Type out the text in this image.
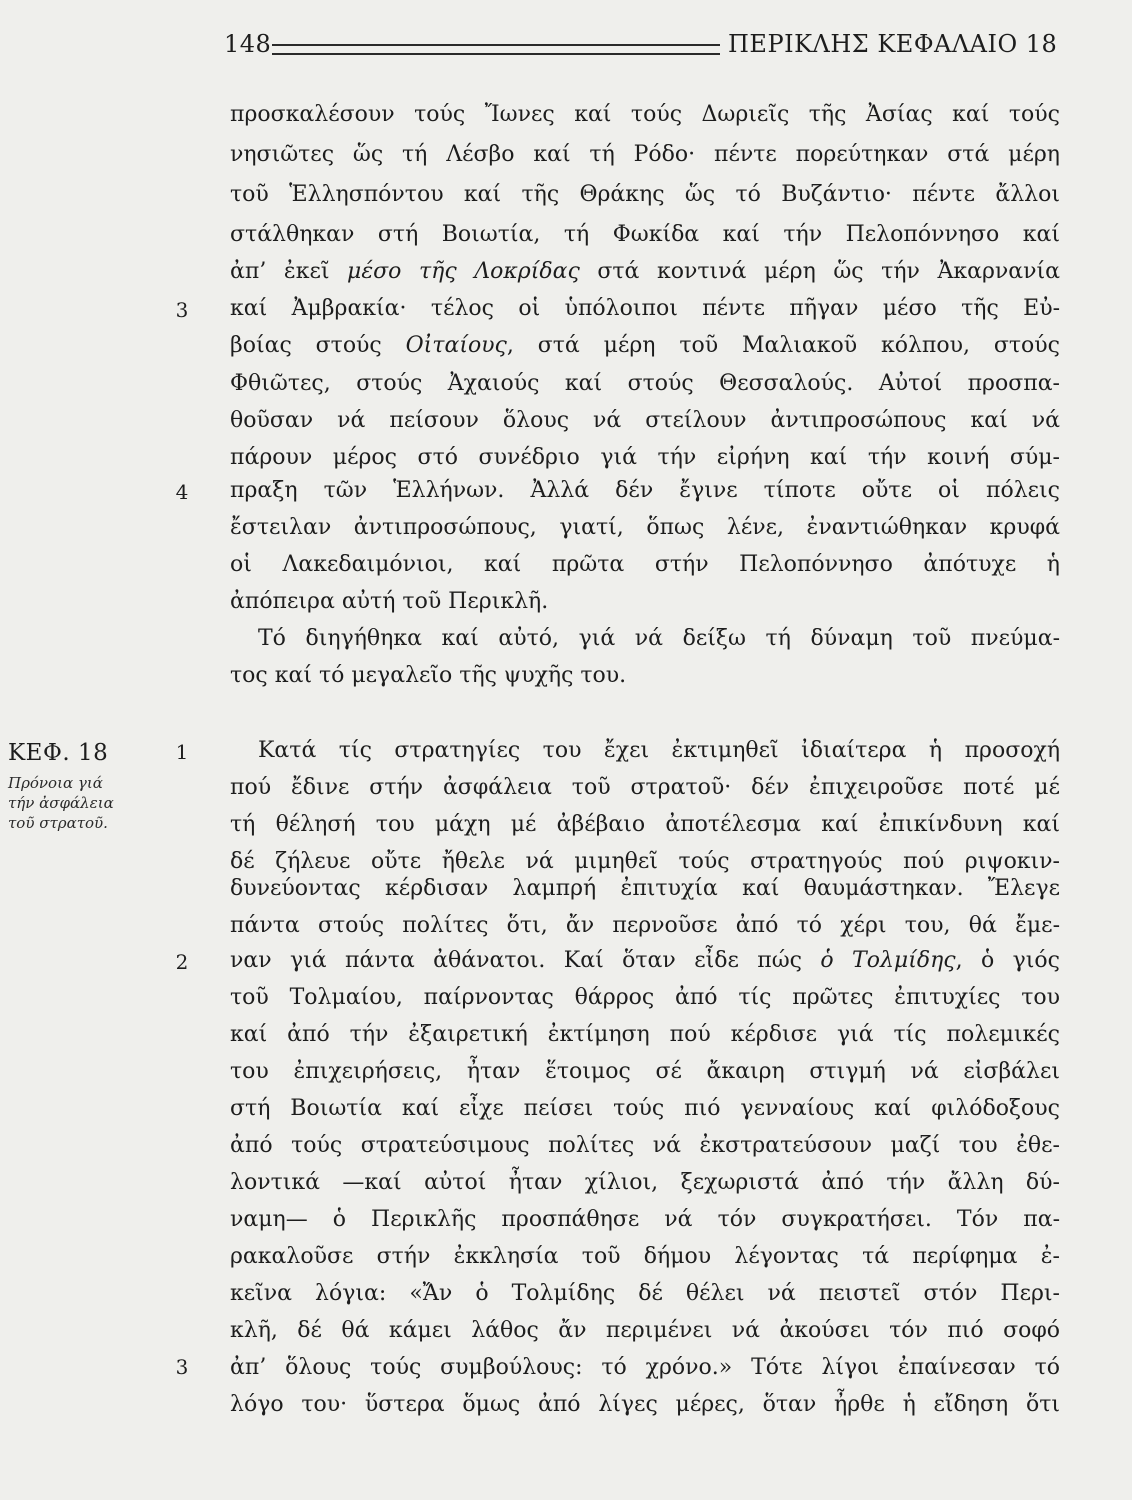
148	ΠΕΡΙΚΛΗΣ ΚΕΦΑΛΑΙΟ 18
ΚΕΦ. 18
Πρόνοια γιά
τήν ἀσφάλεια
τοῦ στρατοῦ.
3
4
1
2
3
προσκαλέσουν τούς Ἴωνες καί τούς Δωριεῖς τῆς Ἀσίας καί τούς
νησιῶτες ὥς τή Λέσβο καί τή Ρόδο· πέντε πορεύτηκαν στά μέρη
τοῦ Ἑλλησπόντου καί τῆς Θράκης ὥς τό Βυζάντιο· πέντε ἄλλοι
στάλθηκαν στή Βοιωτία, τή Φωκίδα καί τήν Πελοπόννησο καί
ἀπ’ ἐκεῖ μέσο τῆς Λοκρίδας στά κοντινά μέρη ὥς τήν Ἀκαρνανία
καί Ἀμβρακία· τέλος οἱ ὑπόλοιποι πέντε πῆγαν μέσο τῆς Εὐ-
βοίας στούς Οἰταίους, στά μέρη τοῦ Μαλιακοῦ κόλπου, στούς
Φθιῶτες, στούς Ἀχαιούς καί στούς Θεσσαλούς. Αὐτοί προσπα-
θοῦσαν νά πείσουν ὅλους νά στείλουν ἀντιπροσώπους καί νά
πάρουν μέρος στό συνέδριο γιά τήν εἰρήνη καί τήν κοινή σύμ-
πραξη τῶν Ἑλλήνων. Ἀλλά δέν ἔγινε τίποτε οὔτε οἱ πόλεις
ἔστειλαν ἀντιπροσώπους, γιατί, ὅπως λένε, ἐναντιώθηκαν κρυφά
οἱ Λακεδαιμόνιοι, καί πρῶτα στήν Πελοπόννησο ἀπότυχε ἡ
ἀπόπειρα αὐτή τοῦ Περικλῆ.
Τό διηγήθηκα καί αὐτό, γιά νά δείξω τή δύναμη τοῦ πνεύμα-
τος καί τό μεγαλεῖο τῆς ψυχῆς του.
Κατά τίς στρατηγίες του ἔχει ἐκτιμηθεῖ ἰδιαίτερα ἡ προσοχή
πού ἔδινε στήν ἀσφάλεια τοῦ στρατοῦ· δέν ἐπιχειροῦσε ποτέ μέ
τή θέλησή του μάχη μέ ἀβέβαιο ἀποτέλεσμα καί ἐπικίνδυνη καί
δέ ζήλευε οὔτε ἤθελε νά μιμηθεῖ τούς στρατηγούς πού ριψοκιν-
δυνεύοντας κέρδισαν λαμπρή ἐπιτυχία καί θαυμάστηκαν. Ἔλεγε
πάντα στούς πολίτες ὅτι, ἄν περνοῦσε ἀπό τό χέρι του, θά ἔμε-
ναν γιά πάντα ἀθάνατοι. Καί ὅταν εἶδε πώς ὁ Τολμίδης, ὁ γιός
τοῦ Τολμαίου, παίρνοντας θάρρος ἀπό τίς πρῶτες ἐπιτυχίες του
καί ἀπό τήν ἐξαιρετική ἐκτίμηση πού κέρδισε γιά τίς πολεμικές
του ἐπιχειρήσεις, ἦταν ἕτοιμος σέ ἄκαιρη στιγμή νά εἰσβάλει
στή Βοιωτία καί εἶχε πείσει τούς πιό γενναίους καί φιλόδοξους
ἀπό τούς στρατεύσιμους πολίτες νά ἐκστρατεύσουν μαζί του ἐθε-
λοντικά —καί αὐτοί ἦταν χίλιοι, ξεχωριστά ἀπό τήν ἄλλη δύ-
ναμη— ὁ Περικλῆς προσπάθησε νά τόν συγκρατήσει. Τόν πα-
ρακαλοῦσε στήν ἐκκλησία τοῦ δήμου λέγοντας τά περίφημα ἐ-
κεῖνα λόγια: «Ἄν ὁ Τολμίδης δέ θέλει νά πειστεῖ στόν Περι-
κλῆ, δέ θά κάμει λάθος ἄν περιμένει νά ἀκούσει τόν πιό σοφό
ἀπ’ ὅλους τούς συμβούλους: τό χρόνο.» Τότε λίγοι ἐπαίνεσαν τό
λόγο του· ὕστερα ὅμως ἀπό λίγες μέρες, ὅταν ἦρθε ἡ εἴδηση ὅτι
